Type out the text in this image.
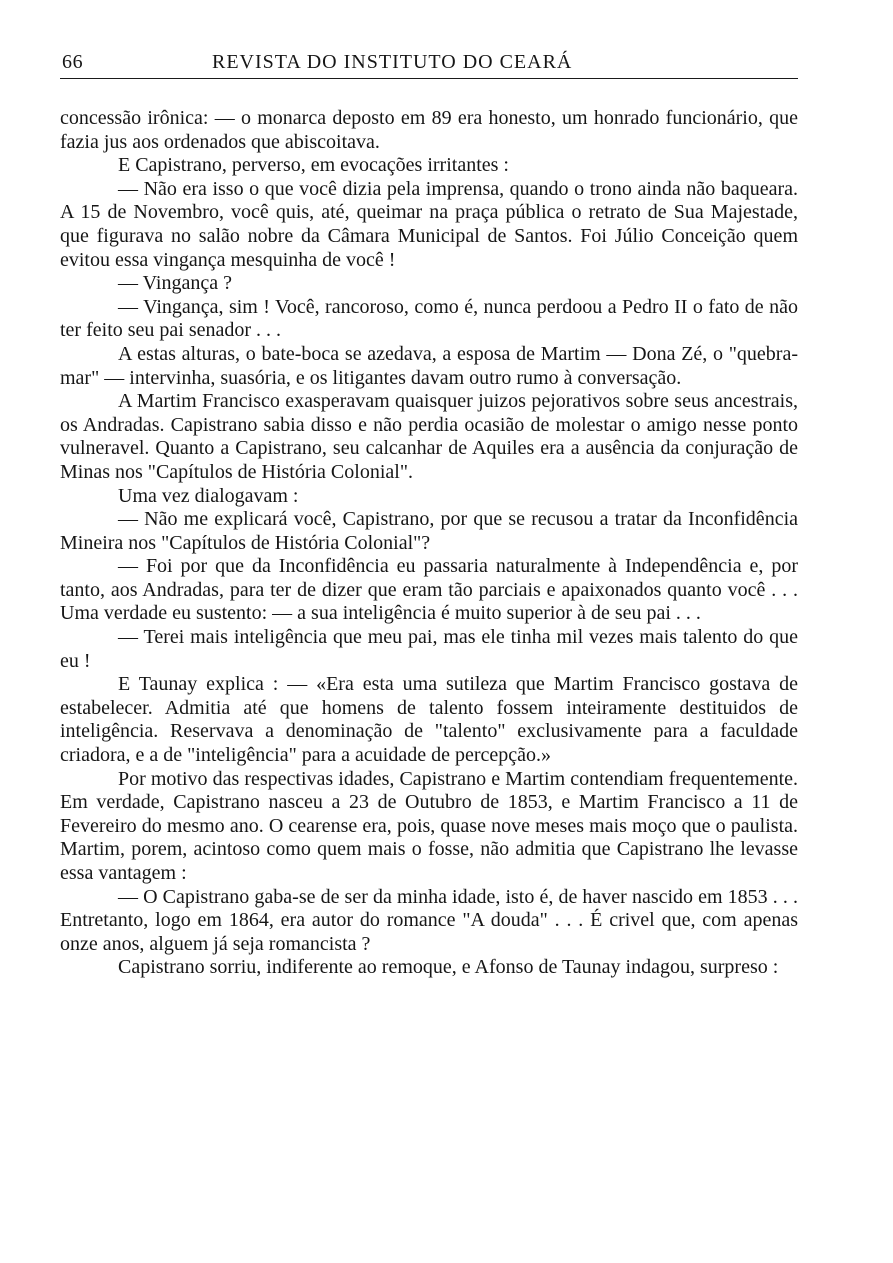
66	REVISTA DO INSTITUTO DO CEARÁ

concessão irônica: — o monarca deposto em 89 era honesto, um honrado funcionário, que fazia jus aos ordenados que abiscoitava.

E Capistrano, perverso, em evocações irritantes :

— Não era isso o que você dizia pela imprensa, quando o trono ainda não baqueara. A 15 de Novembro, você quis, até, queimar na praça pública o retrato de Sua Majestade, que figurava no salão nobre da Câmara Municipal de Santos. Foi Júlio Conceição quem evitou essa vingança mesquinha de você !

— Vingança ?

— Vingança, sim ! Você, rancoroso, como é, nunca perdoou a Pedro II o fato de não ter feito seu pai senador . . .

A estas alturas, o bate-boca se azedava, a esposa de Martim — Dona Zé, o "quebra-mar" — intervinha, suasória, e os litigantes davam outro rumo à conversação.

A Martim Francisco exasperavam quaisquer juizos pejorativos sobre seus ancestrais, os Andradas. Capistrano sabia disso e não perdia ocasião de molestar o amigo nesse ponto vulneravel. Quanto a Capistrano, seu calcanhar de Aquiles era a ausência da conjuração de Minas nos "Capítulos de História Colonial".

Uma vez dialogavam :

— Não me explicará você, Capistrano, por que se recusou a tratar da Inconfidência Mineira nos "Capítulos de História Colonial"?

— Foi por que da Inconfidência eu passaria naturalmente à Independência e, por tanto, aos Andradas, para ter de dizer que eram tão parciais e apaixonados quanto você . . . Uma verdade eu sustento: — a sua inteligência é muito superior à de seu pai . . .

— Terei mais inteligência que meu pai, mas ele tinha mil vezes mais talento do que eu !

E Taunay explica : — «Era esta uma sutileza que Martim Francisco gostava de estabelecer. Admitia até que homens de talento fossem inteiramente destituidos de inteligência. Reservava a denominação de "talento" exclusivamente para a faculdade criadora, e a de "inteligência" para a acuidade de percepção.»

Por motivo das respectivas idades, Capistrano e Martim contendiam frequentemente. Em verdade, Capistrano nasceu a 23 de Outubro de 1853, e Martim Francisco a 11 de Fevereiro do mesmo ano. O cearense era, pois, quase nove meses mais moço que o paulista. Martim, porem, acintoso como quem mais o fosse, não admitia que Capistrano lhe levasse essa vantagem :

— O Capistrano gaba-se de ser da minha idade, isto é, de haver nascido em 1853 . . . Entretanto, logo em 1864, era autor do romance "A douda" . . . É crivel que, com apenas onze anos, alguem já seja romancista ?

Capistrano sorriu, indiferente ao remoque, e Afonso de Taunay indagou, surpreso :
